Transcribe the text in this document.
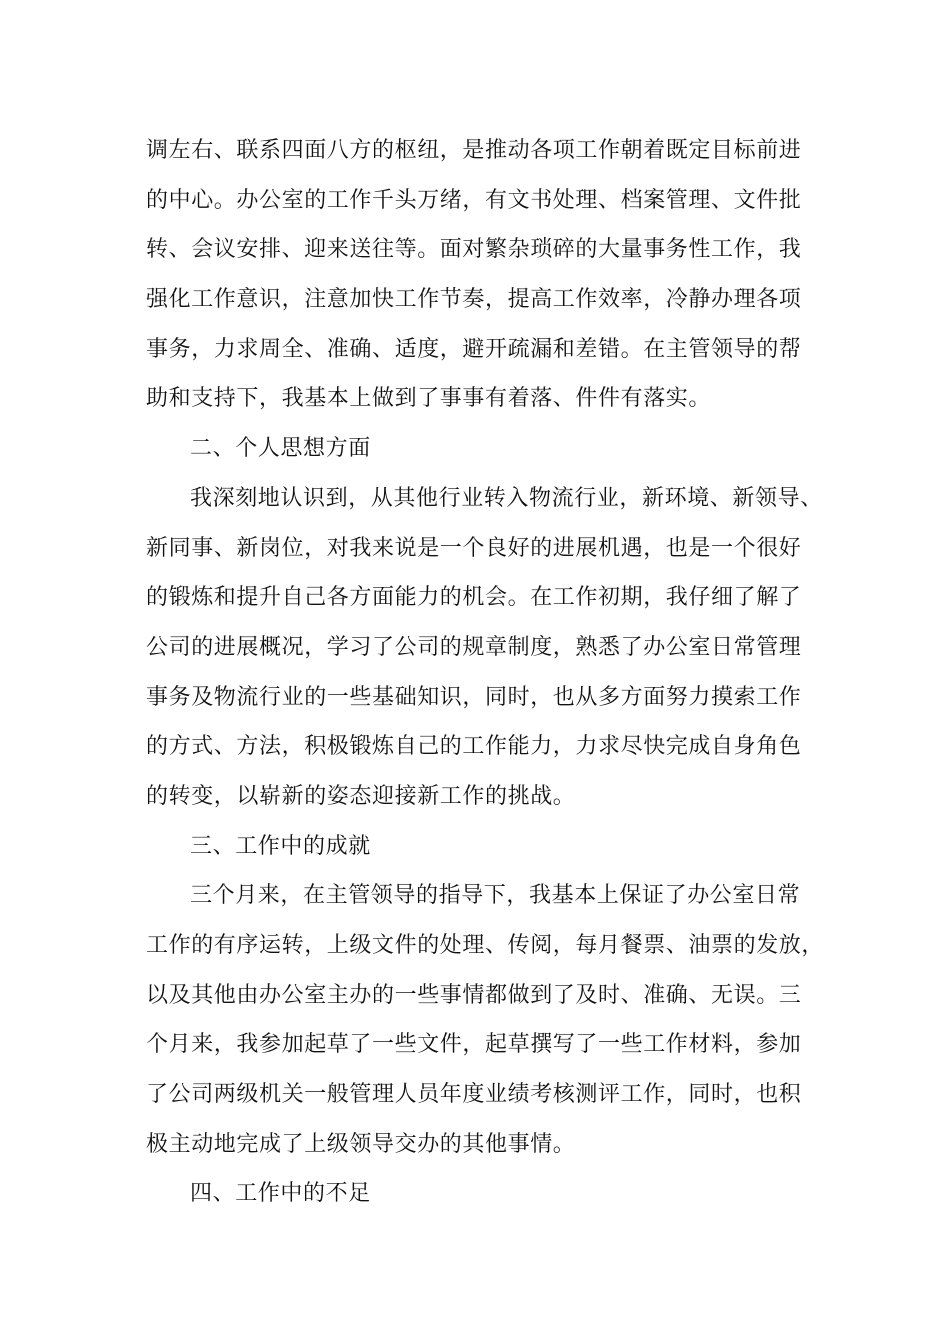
调左右、联系四面八方的枢纽，是推动各项工作朝着既定目标前进
的中心。办公室的工作千头万绪，有文书处理、档案管理、文件批
转、会议安排、迎来送往等。面对繁杂琐碎的大量事务性工作，我
强化工作意识，注意加快工作节奏，提高工作效率，冷静办理各项
事务，力求周全、准确、适度，避开疏漏和差错。在主管领导的帮
助和支持下，我基本上做到了事事有着落、件件有落实。
二、个人思想方面
我深刻地认识到，从其他行业转入物流行业，新环境、新领导、
新同事、新岗位，对我来说是一个良好的进展机遇，也是一个很好
的锻炼和提升自己各方面能力的机会。在工作初期，我仔细了解了
公司的进展概况，学习了公司的规章制度，熟悉了办公室日常管理
事务及物流行业的一些基础知识，同时，也从多方面努力摸索工作
的方式、方法，积极锻炼自己的工作能力，力求尽快完成自身角色
的转变，以崭新的姿态迎接新工作的挑战。
三、工作中的成就
三个月来，在主管领导的指导下，我基本上保证了办公室日常
工作的有序运转，上级文件的处理、传阅，每月餐票、油票的发放，
以及其他由办公室主办的一些事情都做到了及时、准确、无误。三
个月来，我参加起草了一些文件，起草撰写了一些工作材料，参加
了公司两级机关一般管理人员年度业绩考核测评工作，同时，也积
极主动地完成了上级领导交办的其他事情。
四、工作中的不足
